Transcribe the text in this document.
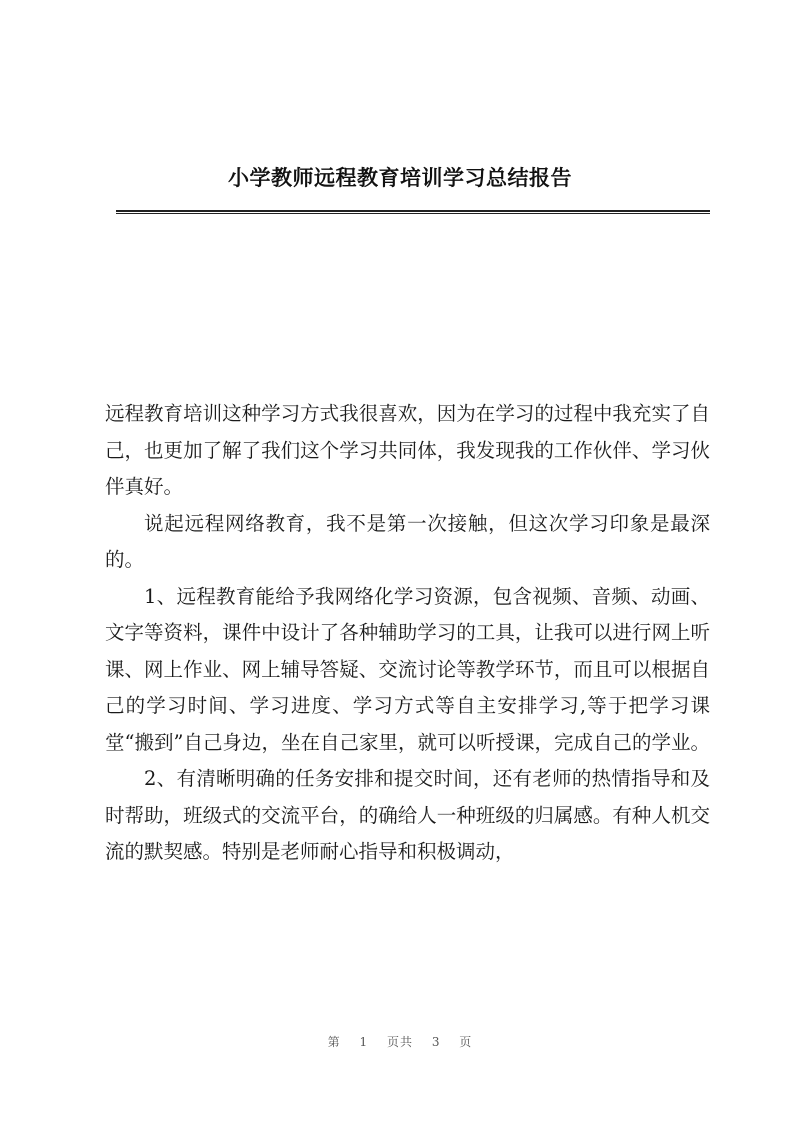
小学教师远程教育培训学习总结报告

远程教育培训这种学习方式我很喜欢，因为在学习的过程中我充实了自己，也更加了解了我们这个学习共同体，我发现我的工作伙伴、学习伙伴真好。

说起远程网络教育，我不是第一次接触，但这次学习印象是最深的。

1、远程教育能给予我网络化学习资源，包含视频、音频、动画、文字等资料，课件中设计了各种辅助学习的工具，让我可以进行网上听课、网上作业、网上辅导答疑、交流讨论等教学环节，而且可以根据自己的学习时间、学习进度、学习方式等自主安排学习,等于把学习课堂“搬到”自己身边，坐在自己家里，就可以听授课，完成自己的学业。

2、有清晰明确的任务安排和提交时间，还有老师的热情指导和及时帮助，班级式的交流平台，的确给人一种班级的归属感。有种人机交流的默契感。特别是老师耐心指导和积极调动，

第 1 页共 3 页
